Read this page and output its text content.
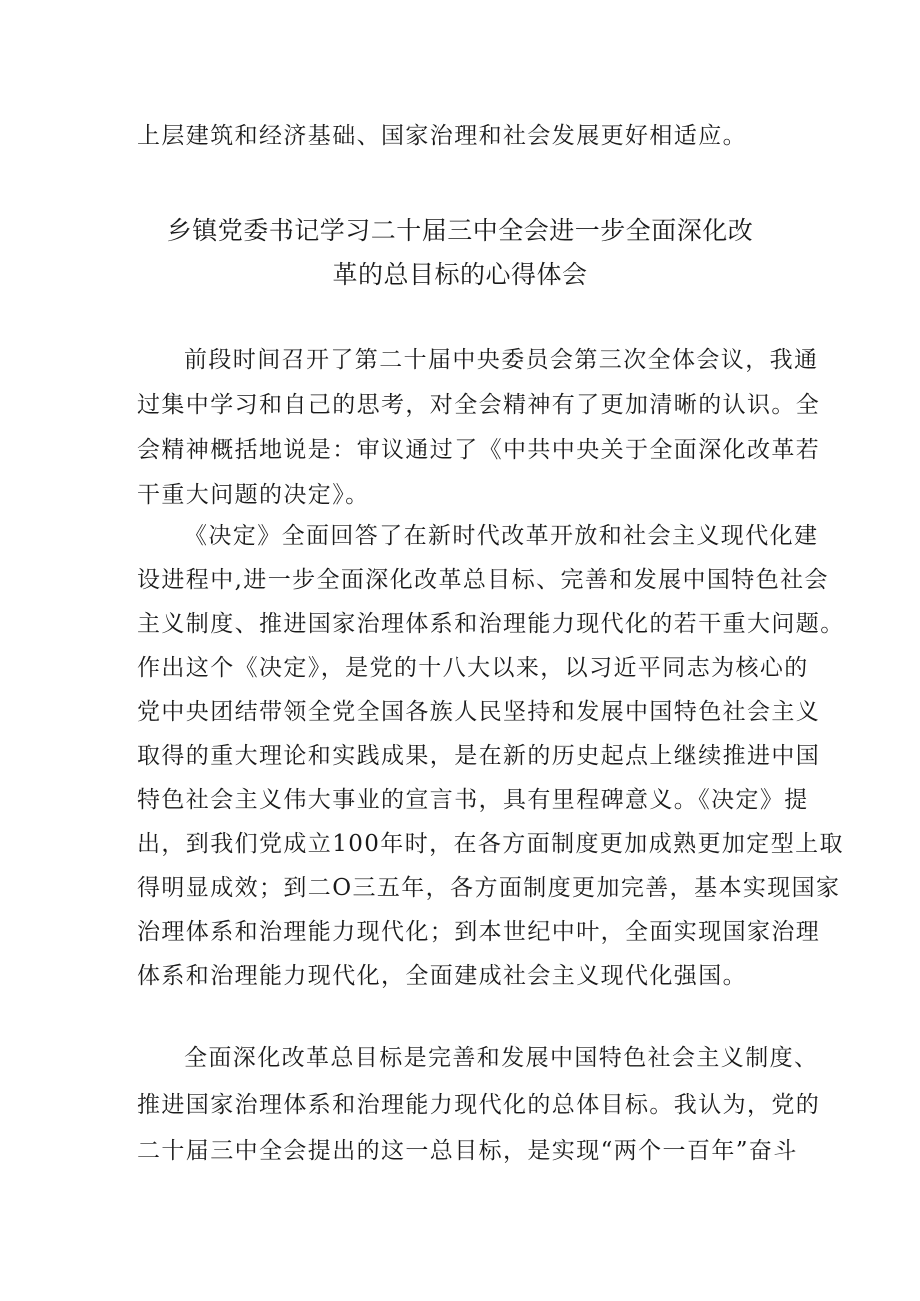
上层建筑和经济基础、国家治理和社会发展更好相适应。
乡镇党委书记学习二十届三中全会进一步全面深化改
革的总目标的心得体会
前段时间召开了第二十届中央委员会第三次全体会议，我通
过集中学习和自己的思考，对全会精神有了更加清晰的认识。全
会精神概括地说是：审议通过了《中共中央关于全面深化改革若
干重大问题的决定》。
《决定》全面回答了在新时代改革开放和社会主义现代化建
设进程中,进一步全面深化改革总目标、完善和发展中国特色社会
主义制度、推进国家治理体系和治理能力现代化的若干重大问题。
作出这个《决定》，是党的十八大以来，以习近平同志为核心的
党中央团结带领全党全国各族人民坚持和发展中国特色社会主义
取得的重大理论和实践成果，是在新的历史起点上继续推进中国
特色社会主义伟大事业的宣言书，具有里程碑意义。《决定》提
出，到我们党成立100年时，在各方面制度更加成熟更加定型上取
得明显成效；到二O三五年，各方面制度更加完善，基本实现国家
治理体系和治理能力现代化；到本世纪中叶，全面实现国家治理
体系和治理能力现代化，全面建成社会主义现代化强国。
全面深化改革总目标是完善和发展中国特色社会主义制度、
推进国家治理体系和治理能力现代化的总体目标。我认为，党的
二十届三中全会提出的这一总目标，是实现“两个一百年”奋斗
